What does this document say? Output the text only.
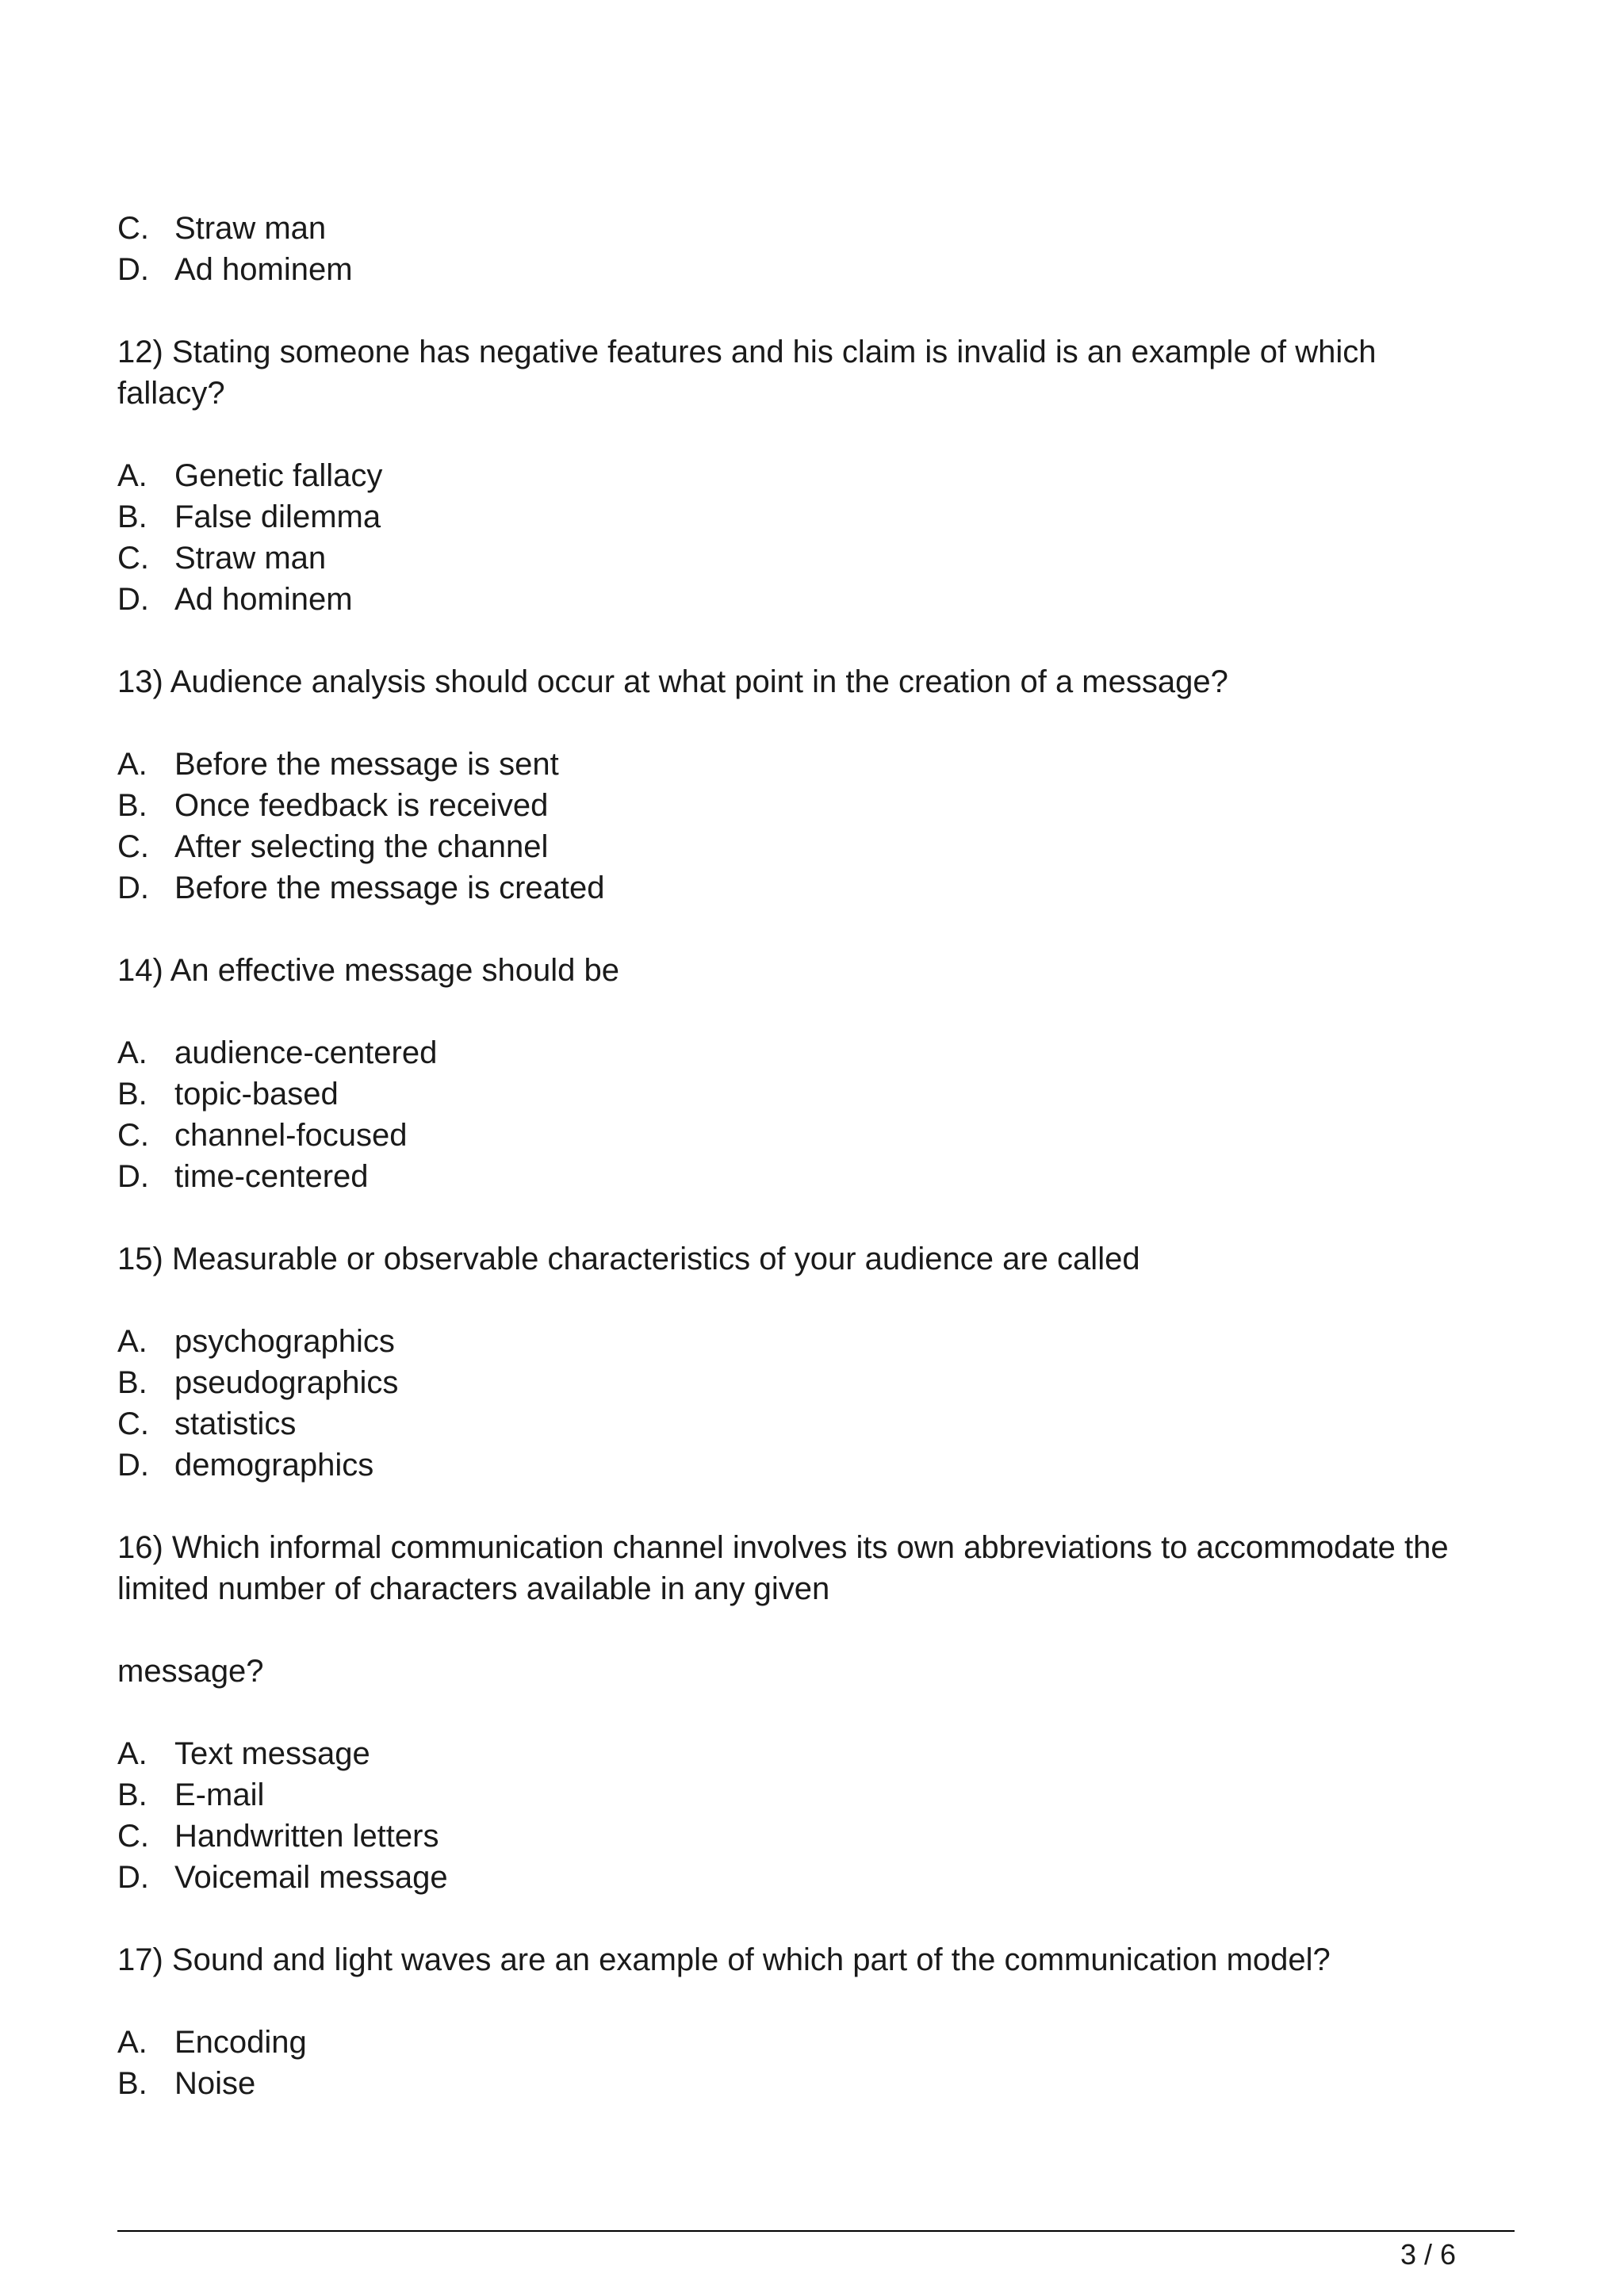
C. Straw man
D. Ad hominem
12) Stating someone has negative features and his claim is invalid is an example of which
fallacy?
A. Genetic fallacy
B. False dilemma
C. Straw man
D. Ad hominem
13) Audience analysis should occur at what point in the creation of a message?
A. Before the message is sent
B. Once feedback is received
C. After selecting the channel
D. Before the message is created
14) An effective message should be
A. audience-centered
B. topic-based
C. channel-focused
D. time-centered
15) Measurable or observable characteristics of your audience are called
A. psychographics
B. pseudographics
C. statistics
D. demographics
16) Which informal communication channel involves its own abbreviations to accommodate the
limited number of characters available in any given
message?
A. Text message
B. E-mail
C. Handwritten letters
D. Voicemail message
17) Sound and light waves are an example of which part of the communication model?
A. Encoding
B. Noise
3 / 6
